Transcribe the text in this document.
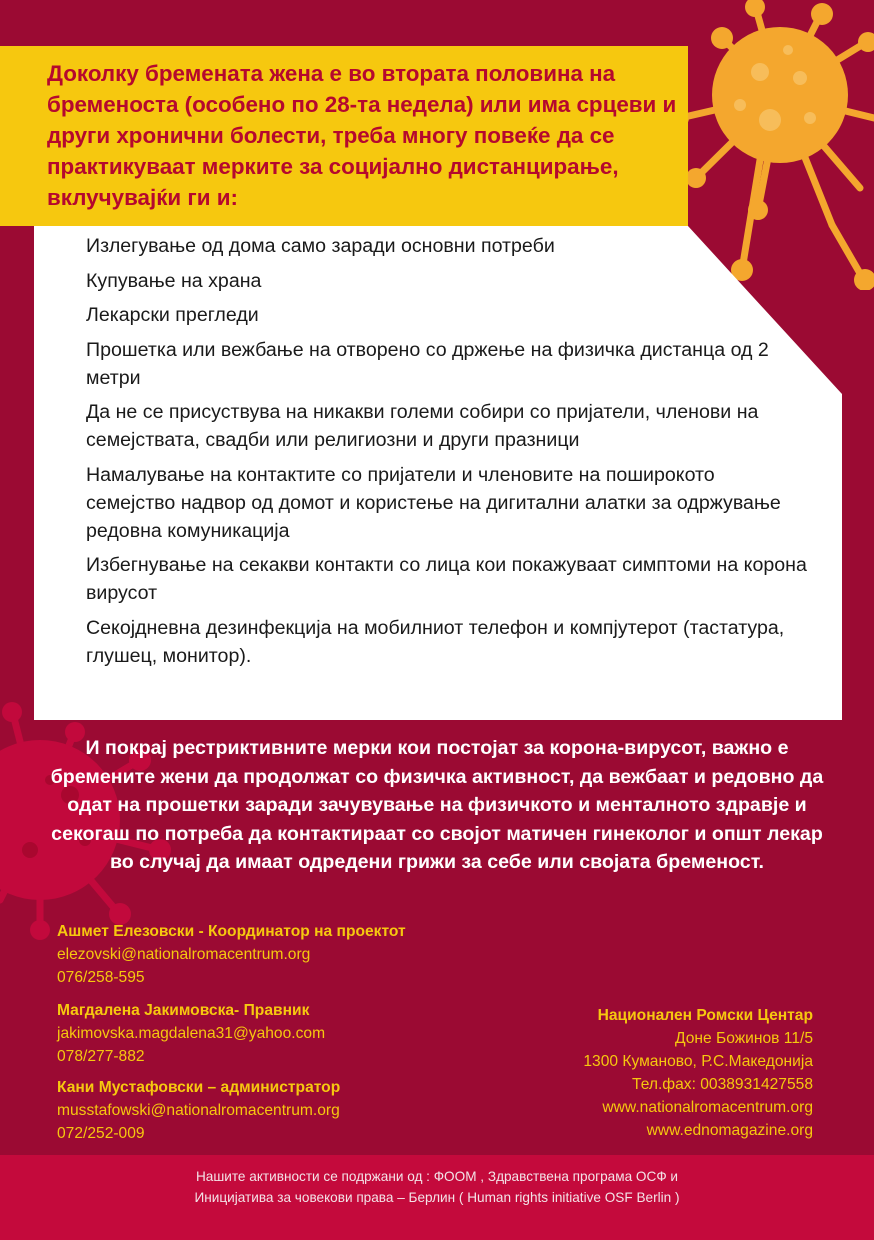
Доколку бремената жена е во втората половина на бременоста (особено по 28-та недела) или има срцеви и други хронични болести, треба многу повеќе да се практикуваат мерките за социјално дистанцирање, вклучувајќи ги и:

Излегување од дома само заради основни потреби
Купување на храна
Лекарски прегледи
Прошетка или вежбање на отворено со држење на физичка дистанца од 2 метри
Да не се присуствува на никакви големи собири со пријатели, членови на семејствата, свадби или религиозни и други празници
Намалување на контактите со пријатели и членовите на поширокото семејство надвор од домот и користење на дигитални алатки за одржување редовна комуникација
Избегнување на секакви контакти со лица кои покажуваат симптоми на корона вирусот
Секојдневна дезинфекција на мобилниот телефон и компјутерот (тастатура, глушец, монитор).

И покрај рестриктивните мерки кои постојат за корона-вирусот, важно е бремените жени да продолжат со физичка активност, да вежбаат и редовно да одат на прошетки заради зачувување на физичкото и менталното здравје и секогаш по потреба да контактираат со својот матичен гинеколог и општ лекар во случај да имаат одредени грижи за себе или својата бременост.

Ашмет Елезовски - Координатор на проектот
elezovski@nationalromacentrum.org
076/258-595
Магдалена Јакимовска- Правник
jakimovska.magdalena31@yahoo.com
078/277-882
Кани Мустафовски – администратор
musstafowski@nationalromacentrum.org
072/252-009
Национален Ромски Центар
Доне Божинов 11/5
1300 Куманово, Р.С.Македонија
Тел.фах: 0038931427558
www.nationalromacentrum.org
www.ednomagazine.org

Нашите активности се подржани од : ФООМ , Здравствена програма ОСФ и
Иницијатива за човекови права – Берлин ( Human rights initiative OSF Berlin )
